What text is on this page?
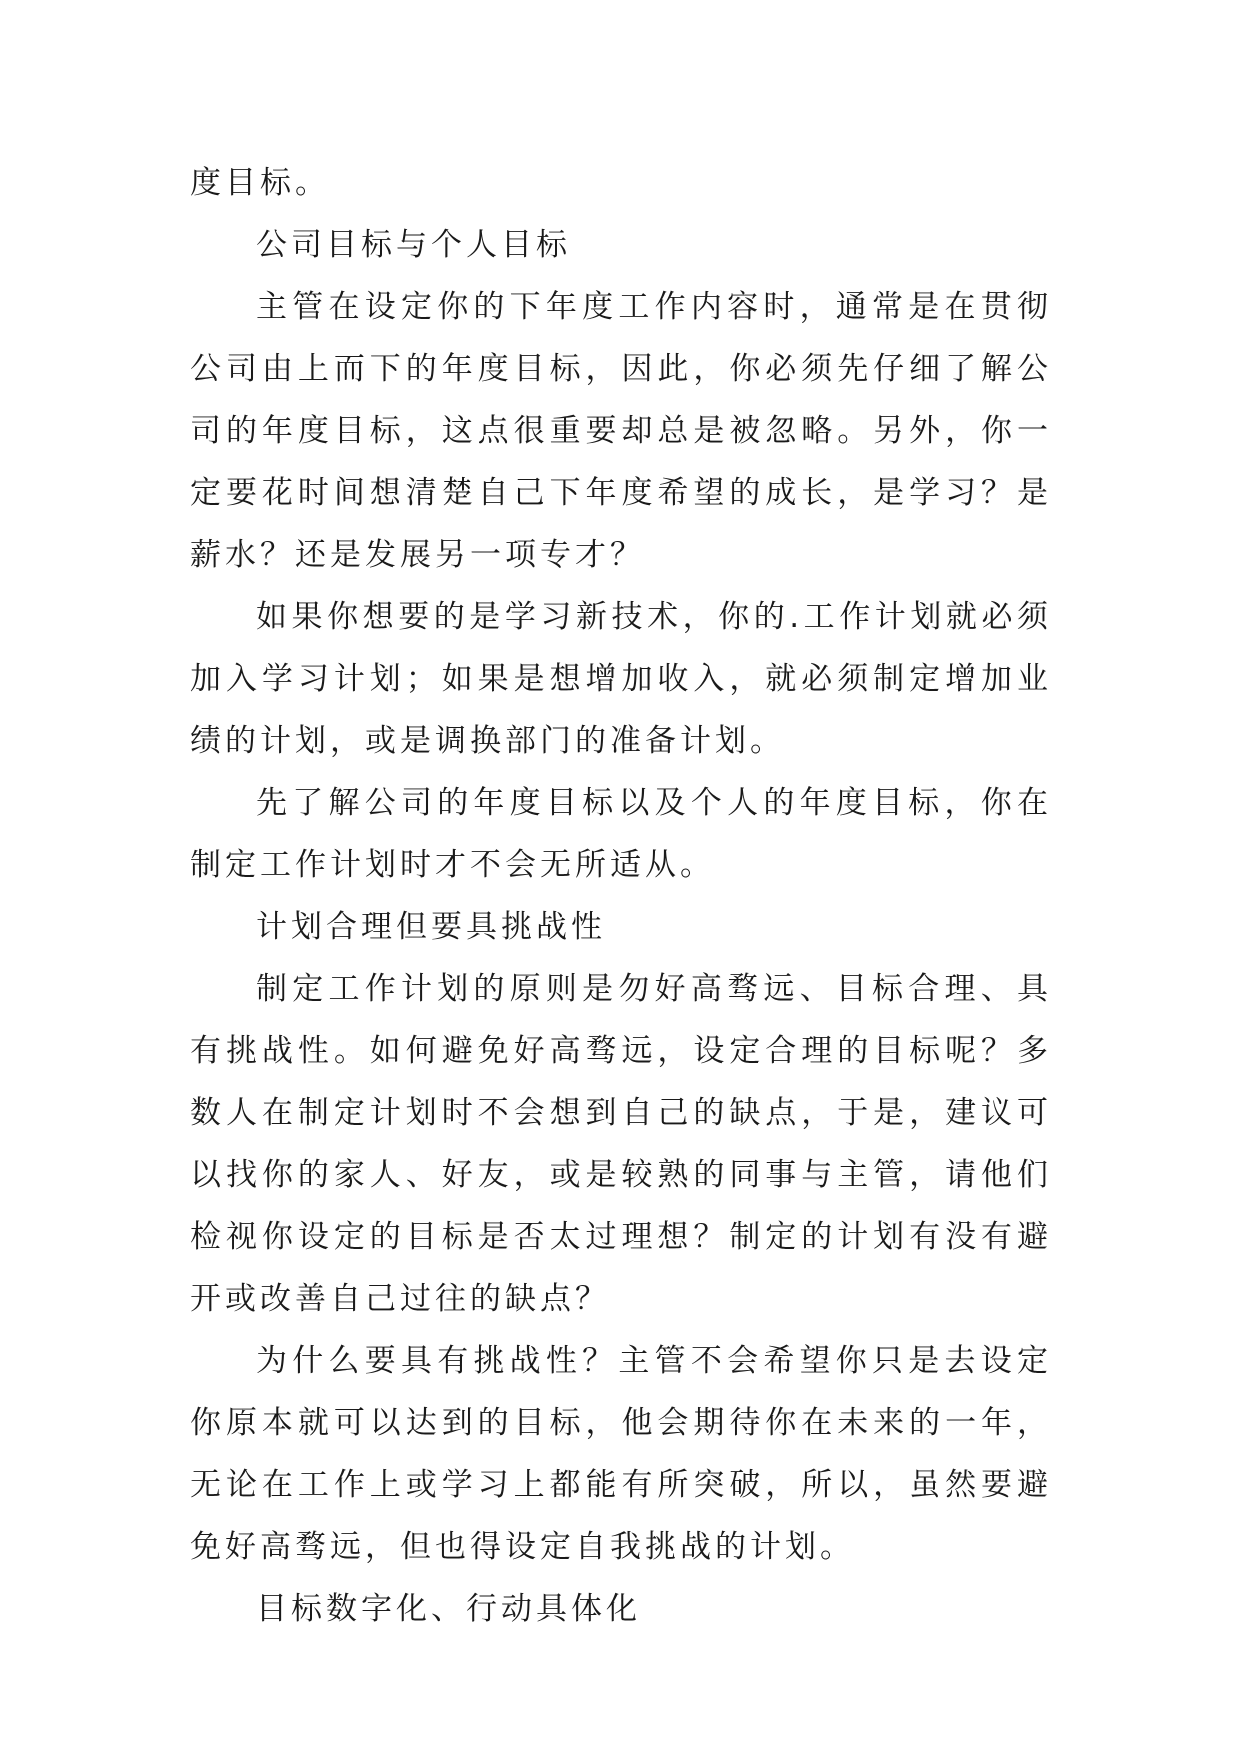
度目标。

公司目标与个人目标

主管在设定你的下年度工作内容时，通常是在贯彻公司由上而下的年度目标，因此，你必须先仔细了解公司的年度目标，这点很重要却总是被忽略。另外，你一定要花时间想清楚自己下年度希望的成长，是学习？是薪水？还是发展另一项专才？

如果你想要的是学习新技术，你的.工作计划就必须加入学习计划；如果是想增加收入，就必须制定增加业绩的计划，或是调换部门的准备计划。

先了解公司的年度目标以及个人的年度目标，你在制定工作计划时才不会无所适从。

计划合理但要具挑战性

制定工作计划的原则是勿好高骛远、目标合理、具有挑战性。如何避免好高骛远，设定合理的目标呢？多数人在制定计划时不会想到自己的缺点，于是，建议可以找你的家人、好友，或是较熟的同事与主管，请他们检视你设定的目标是否太过理想？制定的计划有没有避开或改善自己过往的缺点？

为什么要具有挑战性？主管不会希望你只是去设定你原本就可以达到的目标，他会期待你在未来的一年，无论在工作上或学习上都能有所突破，所以，虽然要避免好高骛远，但也得设定自我挑战的计划。

目标数字化、行动具体化
